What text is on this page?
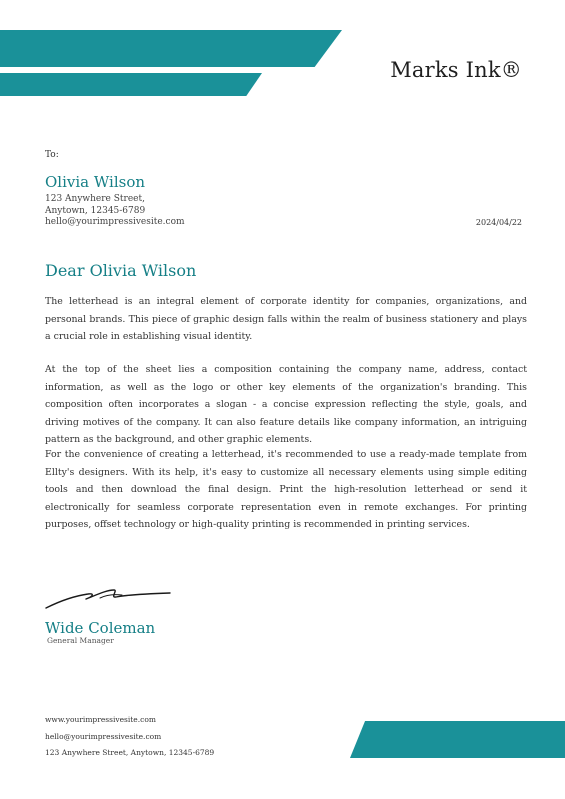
Marks Ink®
To:
Olivia Wilson
123 Anywhere Street,
Anytown, 12345-6789
hello@yourimpressivesite.com	2024/04/22
Dear Olivia Wilson

The letterhead is an integral element of corporate identity for companies, organizations, and personal brands. This piece of graphic design falls within the realm of business stationery and plays a crucial role in establishing visual identity.

At the top of the sheet lies a composition containing the company name, address, contact information, as well as the logo or other key elements of the organization's branding. This composition often incorporates a slogan - a concise expression reflecting the style, goals, and driving motives of the company. It can also feature details like company information, an intriguing pattern as the background, and other graphic elements.

For the convenience of creating a letterhead, it's recommended to use a ready-made template from Ellty's designers. With its help, it's easy to customize all necessary elements using simple editing tools and then download the final design. Print the high-resolution letterhead or send it electronically for seamless corporate representation even in remote exchanges. For printing purposes, offset technology or high-quality printing is recommended in printing services.

Wide Coleman
General Manager
www.yourimpressivesite.com
hello@yourimpressivesite.com
123 Anywhere Street, Anytown, 12345-6789
